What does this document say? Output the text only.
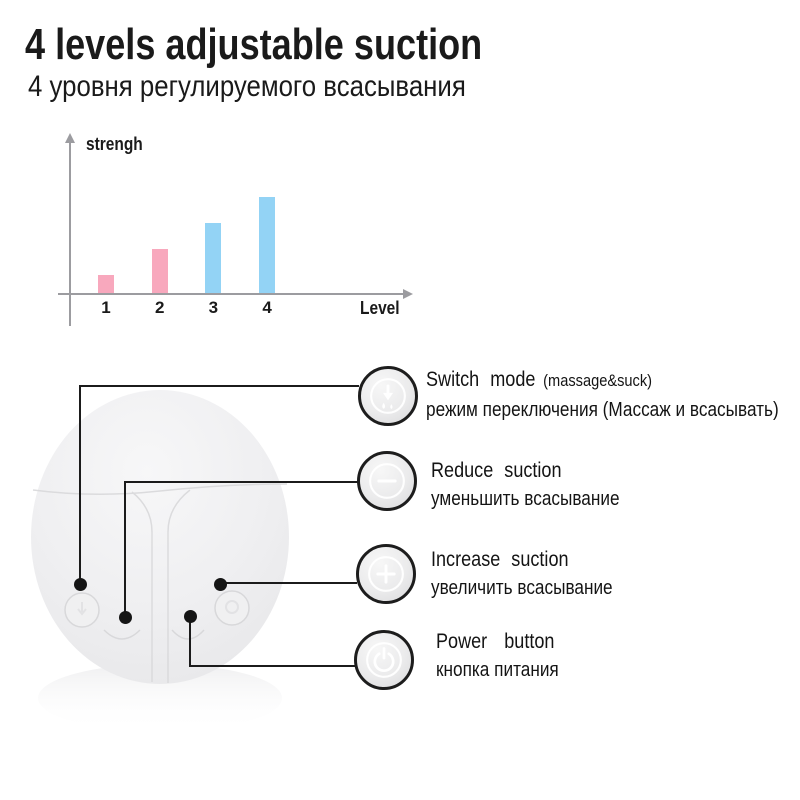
4 levels adjustable suction
4 уровня регулируемого всасывания
strengh
Level
1	2	3	4
Switch mode (massage&suck)
режим переключения (Массаж и всасывать)
Reduce suction
уменьшить всасывание
Increase suction
увеличить всасывание
Power button
кнопка питания
